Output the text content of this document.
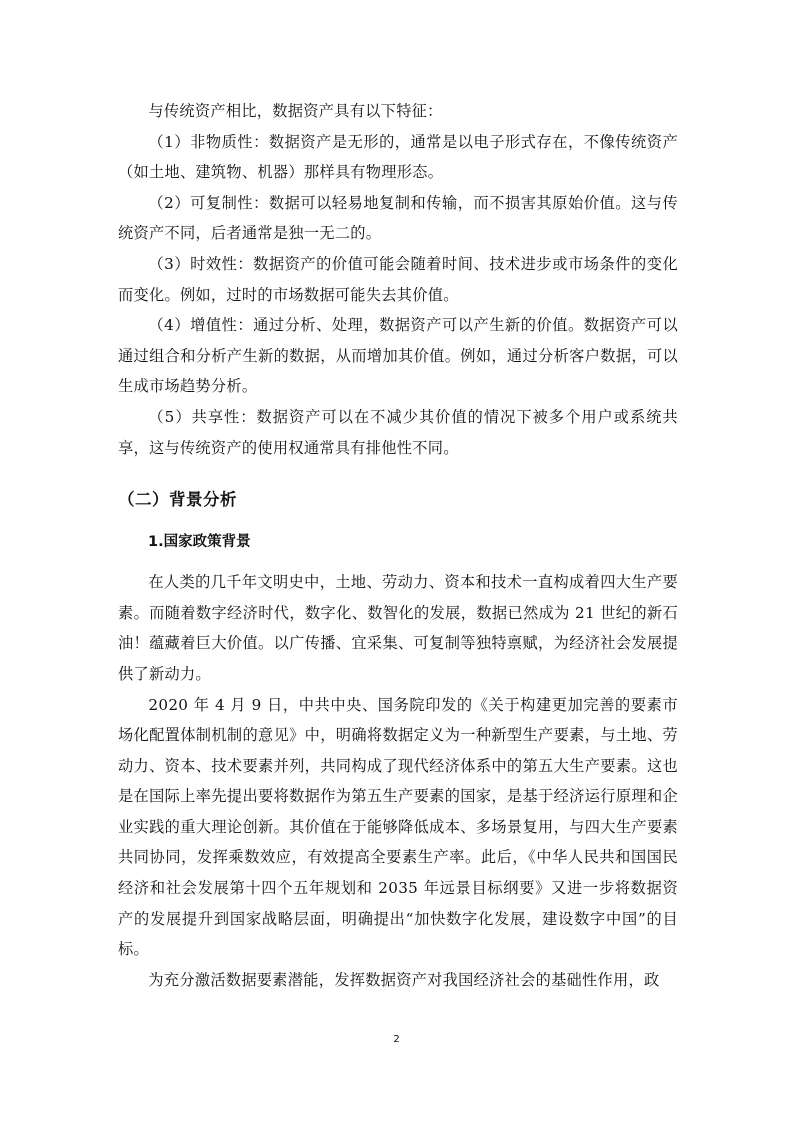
与传统资产相比，数据资产具有以下特征：

（1）非物质性：数据资产是无形的，通常是以电子形式存在，不像传统资产（如土地、建筑物、机器）那样具有物理形态。

（2）可复制性：数据可以轻易地复制和传输，而不损害其原始价值。这与传统资产不同，后者通常是独一无二的。

（3）时效性：数据资产的价值可能会随着时间、技术进步或市场条件的变化而变化。例如，过时的市场数据可能失去其价值。

（4）增值性：通过分析、处理，数据资产可以产生新的价值。数据资产可以通过组合和分析产生新的数据，从而增加其价值。例如，通过分析客户数据，可以生成市场趋势分析。

（5）共享性：数据资产可以在不减少其价值的情况下被多个用户或系统共享，这与传统资产的使用权通常具有排他性不同。

（二）背景分析
1.国家政策背景

在人类的几千年文明史中，土地、劳动力、资本和技术一直构成着四大生产要素。而随着数字经济时代，数字化、数智化的发展，数据已然成为 21 世纪的新石油！蕴藏着巨大价值。以广传播、宜采集、可复制等独特禀赋，为经济社会发展提供了新动力。

2020 年 4 月 9 日，中共中央、国务院印发的《关于构建更加完善的要素市场化配置体制机制的意见》中，明确将数据定义为一种新型生产要素，与土地、劳动力、资本、技术要素并列，共同构成了现代经济体系中的第五大生产要素。这也是在国际上率先提出要将数据作为第五生产要素的国家，是基于经济运行原理和企业实践的重大理论创新。其价值在于能够降低成本、多场景复用，与四大生产要素共同协同，发挥乘数效应，有效提高全要素生产率。此后，《中华人民共和国国民经济和社会发展第十四个五年规划和 2035 年远景目标纲要》又进一步将数据资产的发展提升到国家战略层面，明确提出“加快数字化发展，建设数字中国”的目标。

为充分激活数据要素潜能，发挥数据资产对我国经济社会的基础性作用，政

2
